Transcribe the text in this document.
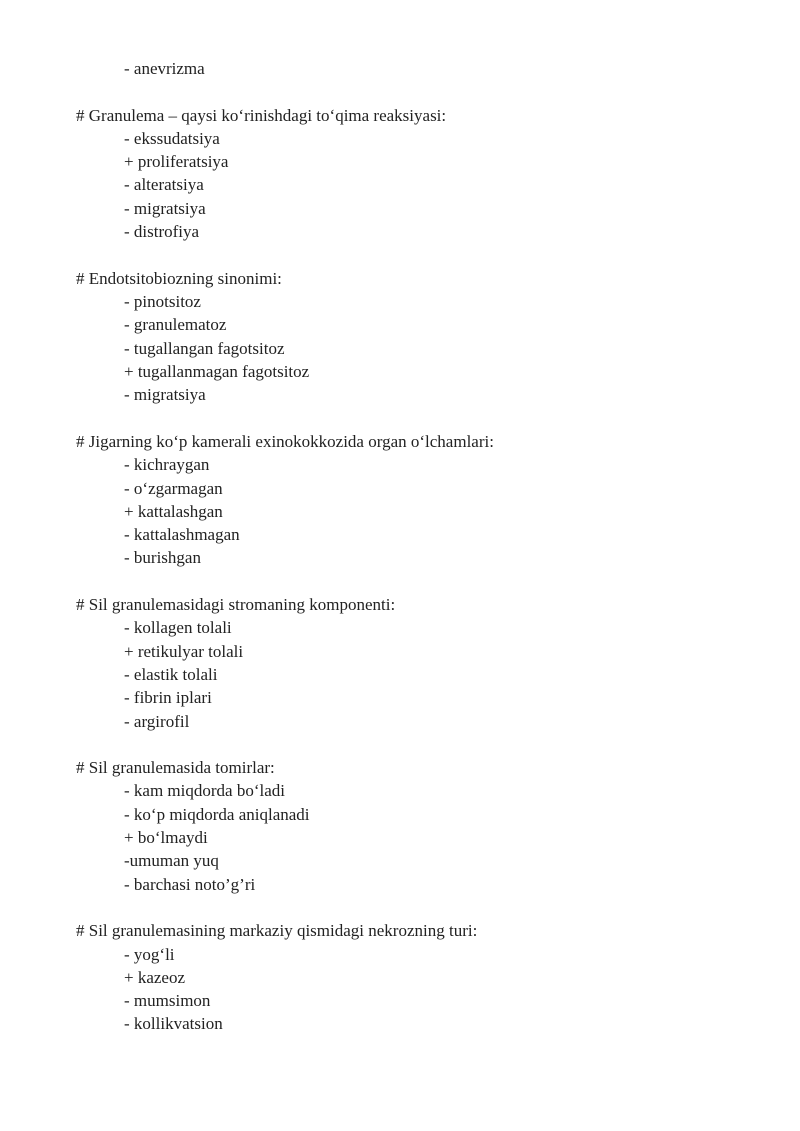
- anevrizma
# Granulema – qaysi ko‘rinishdagi to‘qima reaksiyasi:
- ekssudatsiya
+ proliferatsiya
- alteratsiya
- migratsiya
- distrofiya
# Endotsitobiozning sinonimi:
- pinotsitoz
- granulematoz
- tugallangan fagotsitoz
+ tugallanmagan fagotsitoz
- migratsiya
# Jigarning ko‘p kamerali exinokokkozida organ o‘lchamlari:
- kichraygan
- o‘zgarmagan
+ kattalashgan
- kattalashmagan
- burishgan
# Sil granulemasidagi stromaning komponenti:
- kollagen tolali
+ retikulyar tolali
- elastik tolali
- fibrin iplari
- argirofil
# Sil granulemasida tomirlar:
- kam miqdorda bo‘ladi
- ko‘p miqdorda aniqlanadi
+ bo‘lmaydi
-umuman yuq
- barchasi noto’g’ri
# Sil granulemasining markaziy qismidagi nekrozning turi:
- yog‘li
+ kazeoz
- mumsimon
- kollikvatsion
